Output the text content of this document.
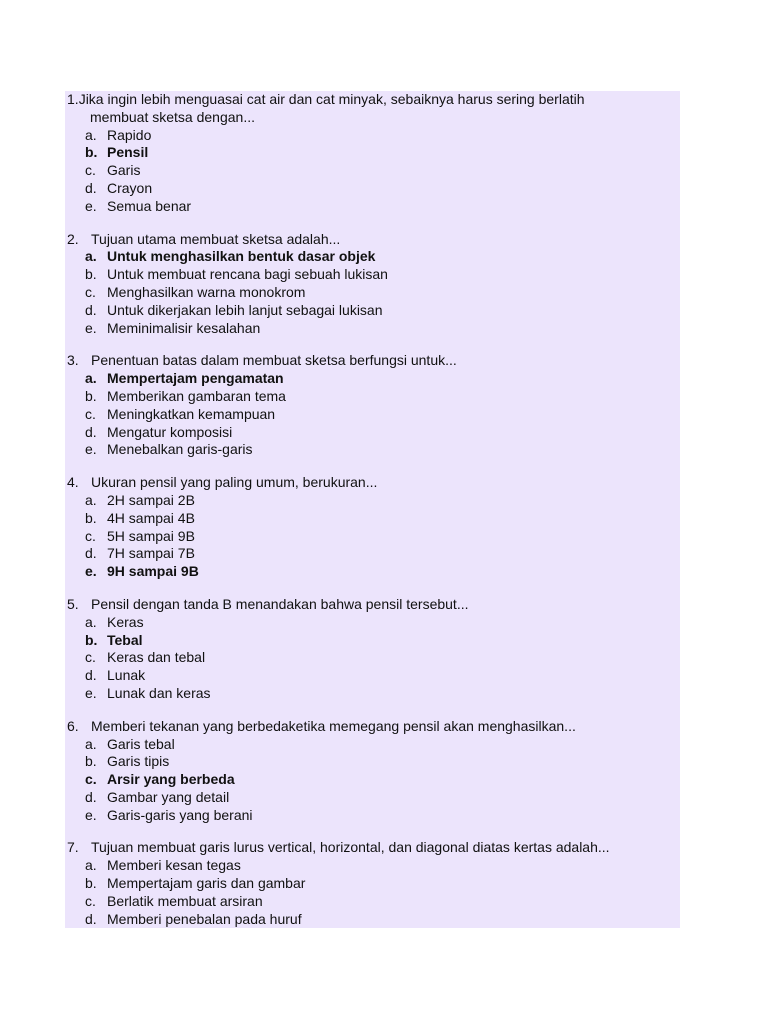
1. Jika ingin lebih menguasai cat air dan cat minyak, sebaiknya harus sering berlatih
membuat sketsa dengan...
a. Rapido
b. Pensil
c. Garis
d. Crayon
e. Semua benar
2. Tujuan utama membuat sketsa adalah...
a. Untuk menghasilkan bentuk dasar objek
b. Untuk membuat rencana bagi sebuah lukisan
c. Menghasilkan warna monokrom
d. Untuk dikerjakan lebih lanjut sebagai lukisan
e. Meminimalisir kesalahan
3. Penentuan batas dalam membuat sketsa berfungsi untuk...
a. Mempertajam pengamatan
b. Memberikan gambaran tema
c. Meningkatkan kemampuan
d. Mengatur komposisi
e. Menebalkan garis-garis
4. Ukuran pensil yang paling umum, berukuran...
a. 2H sampai 2B
b. 4H sampai 4B
c. 5H sampai 9B
d. 7H sampai 7B
e. 9H sampai 9B
5. Pensil dengan tanda B menandakan bahwa pensil tersebut...
a. Keras
b. Tebal
c. Keras dan tebal
d. Lunak
e. Lunak dan keras
6. Memberi tekanan yang berbedaketika memegang pensil akan menghasilkan...
a. Garis tebal
b. Garis tipis
c. Arsir yang berbeda
d. Gambar yang detail
e. Garis-garis yang berani
7. Tujuan membuat garis lurus vertical, horizontal, dan diagonal diatas kertas adalah...
a. Memberi kesan tegas
b. Mempertajam garis dan gambar
c. Berlatik membuat arsiran
d. Memberi penebalan pada huruf
